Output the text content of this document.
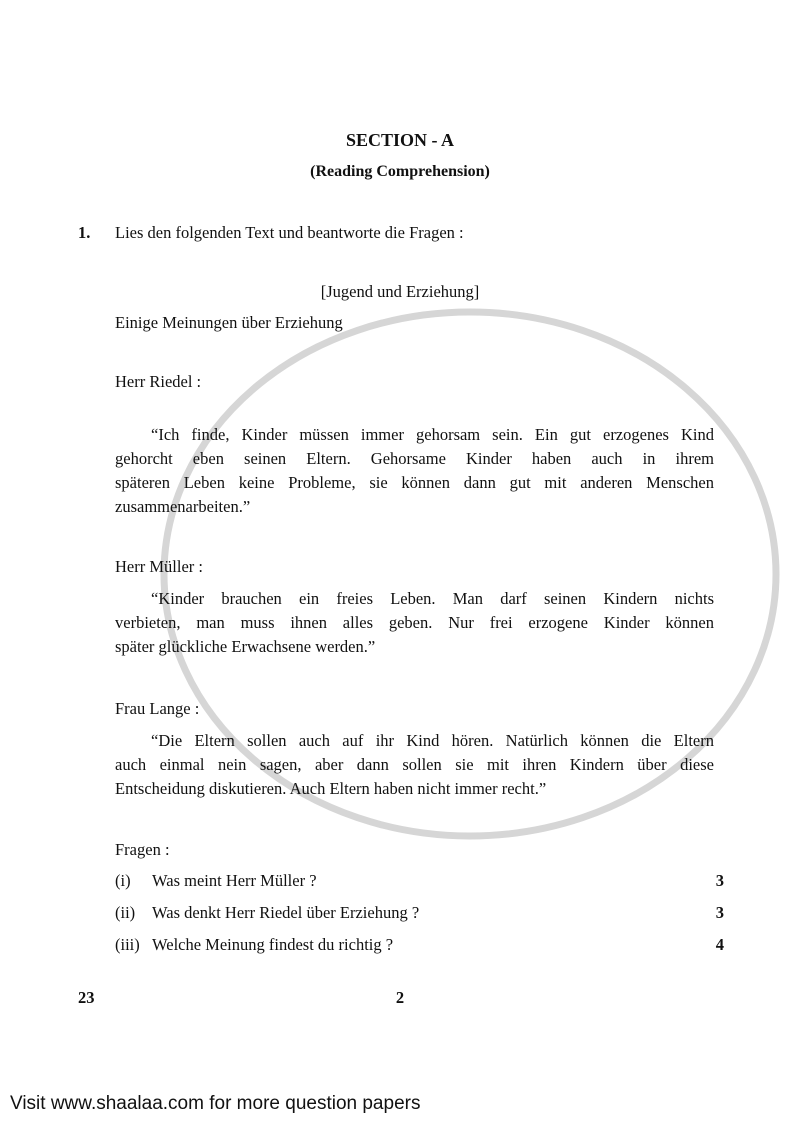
SECTION - A
(Reading Comprehension)
1. Lies den folgenden Text und beantworte die Fragen :
[Jugend und Erziehung]
Einige Meinungen über Erziehung
Herr Riedel :
“Ich finde, Kinder müssen immer gehorsam sein. Ein gut erzogenes Kind
gehorcht eben seinen Eltern. Gehorsame Kinder haben auch in ihrem
späteren Leben keine Probleme, sie können dann gut mit anderen Menschen
zusammenarbeiten.”
Herr Müller :
“Kinder brauchen ein freies Leben. Man darf seinen Kindern nichts
verbieten, man muss ihnen alles geben. Nur frei erzogene Kinder können
später glückliche Erwachsene werden.”
Frau Lange :
“Die Eltern sollen auch auf ihr Kind hören. Natürlich können die Eltern
auch einmal nein sagen, aber dann sollen sie mit ihren Kindern über diese
Entscheidung diskutieren. Auch Eltern haben nicht immer recht.”
Fragen :
(i) Was meint Herr Müller ?	3
(ii) Was denkt Herr Riedel über Erziehung ?	3
(iii) Welche Meinung findest du richtig ?	4
23	2
Visit www.shaalaa.com for more question papers
